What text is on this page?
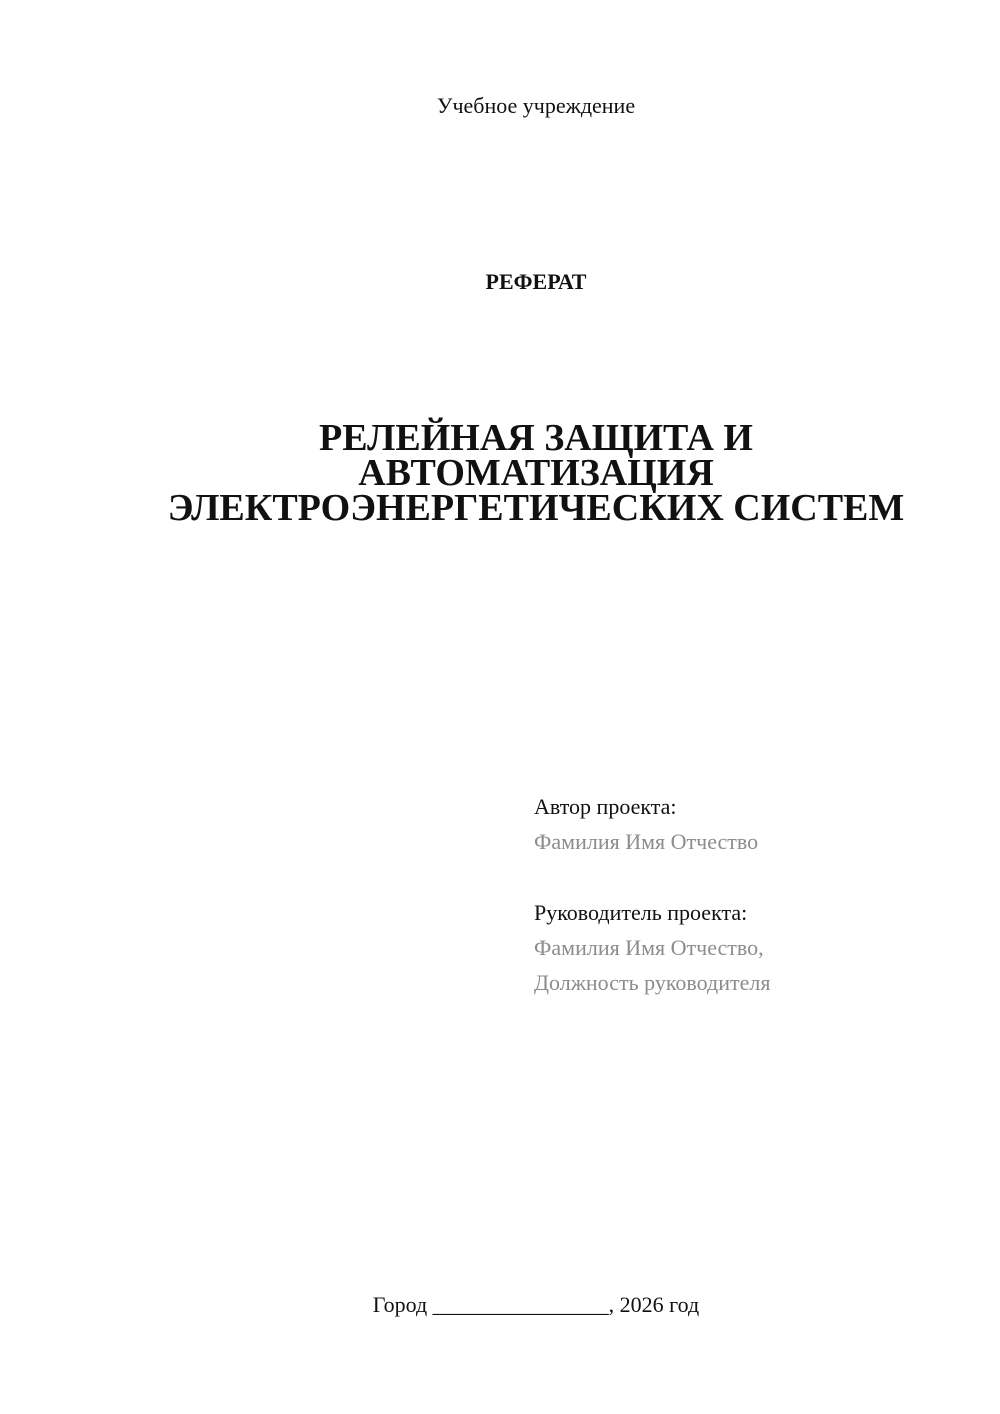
Учебное учреждение
РЕФЕРАТ
РЕЛЕЙНАЯ ЗАЩИТА И
АВТОМАТИЗАЦИЯ
ЭЛЕКТРОЭНЕРГЕТИЧЕСКИХ СИСТЕМ
Автор проекта:
Фамилия Имя Отчество
Руководитель проекта:
Фамилия Имя Отчество,
Должность руководителя
Город ________________, 2026 год
